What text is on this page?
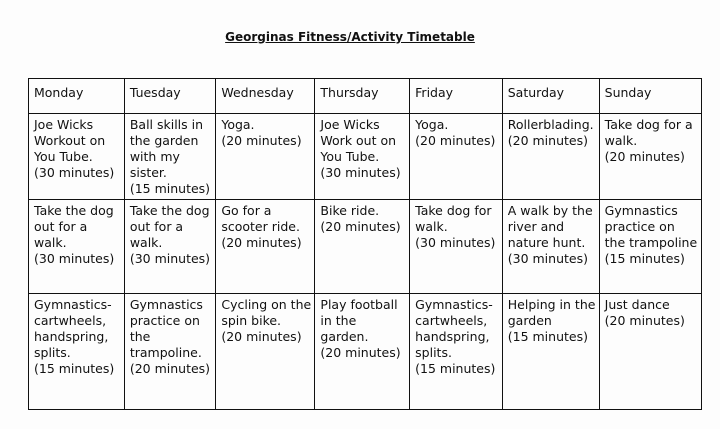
Georginas Fitness/Activity Timetable
Monday	Tuesday	Wednesday	Thursday	Friday	Saturday	Sunday

Joe Wicks Workout on You Tube.
(30 minutes)	Ball skills in the garden with my sister.
(15 minutes)	Yoga.
(20 minutes)	Joe Wicks Work out on You Tube.
(30 minutes)	Yoga.
(20 minutes)	Rollerblading.
(20 minutes)	Take dog for a walk.
(20 minutes)

Take the dog out for a walk.
(30 minutes)	Take the dog out for a walk.
(30 minutes)	Go for a scooter ride.
(20 minutes)	Bike ride.
(20 minutes)	Take dog for walk.
(30 minutes)	A walk by the river and nature hunt.
(30 minutes)	Gymnastics practice on the trampoline
(15 minutes)

Gymnastics- cartwheels, handspring, splits.
(15 minutes)	Gymnastics practice on the trampoline.
(20 minutes)	Cycling on the spin bike.
(20 minutes)	Play football in the garden.
(20 minutes)	Gymnastics- cartwheels, handspring, splits.
(15 minutes)	Helping in the garden
(15 minutes)	Just dance
(20 minutes)
